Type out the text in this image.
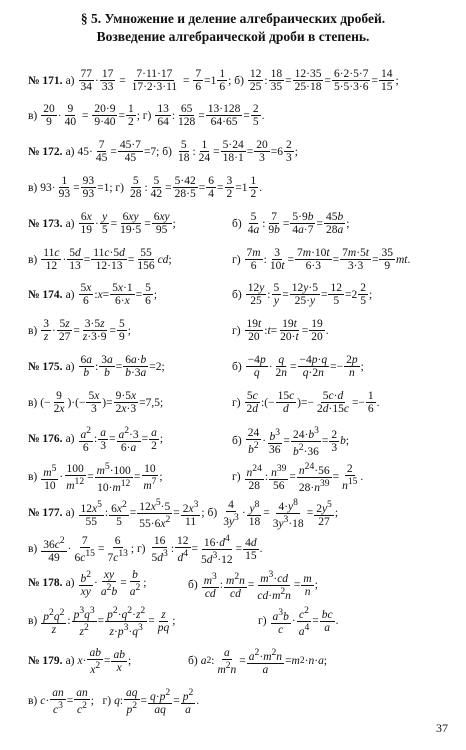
§ 5. Умножение и деление алгебраических дробей.
Возведение алгебраической дроби в степень.
№ 171. $а) \frac{77}{34} \cdot \frac{17}{33} = \frac{7\cdot 11\cdot 17}{17\cdot 2\cdot 3\cdot 11} = \frac{7}{6} =1 \frac{1}{6}$ ; $б) \frac{12}{25}$ : $\frac{18}{35} = \frac{12\cdot 35}{25\cdot 18} = \frac{6\cdot 2\cdot 5\cdot 7}{5\cdot 5\cdot 3\cdot 6} = \frac{14}{15}$ ;
$в) \frac{20}{9} \cdot \frac{9}{40} = \frac{20\cdot 9}{9\cdot 40} = \frac{1}{2}$ ; $г) \frac{13}{64}$ : $\frac{65}{128} = \frac{13\cdot 128}{64\cdot 65} = \frac{2}{5}$ .
№ 172. а) $45\cdot \frac{7}{45} = \frac{45\cdot 7}{45} =7$; $б) \frac{5}{18}$ : $\frac{1}{24} = \frac{5\cdot 24}{18\cdot 1} = \frac{20}{3} =6 \frac{2}{3}$ ;
в) $93\cdot \frac{1}{93} = \frac{93}{93} =1$; $г) \frac{5}{28}$ : $\frac{5}{42} = \frac{5\cdot 42}{28\cdot 5} = \frac{6}{4} = \frac{3}{2} =1 \frac{1}{2}$ .
№ 173. $а) \frac{6x}{19} \cdot \frac{y}{5} = \frac{6xy}{19\cdot 5} = \frac{6xy}{95}$ ;	$б) \frac{5}{4a}$ : $\frac{7}{9b} = \frac{5\cdot 9b}{4a\cdot 7} = \frac{45b}{28a}$ ;
$в) \frac{11c}{12} \cdot \frac{5d}{13} = \frac{11c\cdot 5d}{12\cdot 13} = \frac{55}{156}$ cd ;	$г) \frac{7m}{6}$ : $\frac{3}{10t} = \frac{7m\cdot 10t}{6\cdot 3} = \frac{7m\cdot 5t}{3\cdot 3} = \frac{35}{9}$ mt .
№ 174. $а) \frac{5x}{6}$ : $x = \frac{5x\cdot 1}{6\cdot x} = \frac{5}{6}$ ;	$б) \frac{12y}{25}$ : $\frac{5}{y} = \frac{12y\cdot 5}{25\cdot y} = \frac{12}{5} =2 \frac{2}{5}$ ;
$в) \frac{3}{z} \cdot \frac{5z}{27} = \frac{3\cdot 5z}{z\cdot 3\cdot 9} = \frac{5}{9}$ ;	$г) \frac{19t}{20}$ : $t = \frac{19t}{20\cdot t} = \frac{19}{20}$ .
№ 175. $а) \frac{6a}{b}$ : $\frac{3a}{b} = \frac{6a\cdot b}{b\cdot 3a} =2$;	$б) \frac{-4p}{q} \cdot \frac{q}{2n} = \frac{-4p\cdot q}{q\cdot 2n} =- \frac{2p}{n}$ ;
в) (− $\frac{9}{2x}$ )·(− $\frac{5x}{3}$ )= $\frac{9\cdot 5x}{2x\cdot 3} =7,5$;	$г) \frac{5c}{2d}$ :(− $\frac{15c}{d}$ )=− $\frac{5c\cdot d}{2d\cdot 15c} =- \frac{1}{6}$ .
№ 176. $а) \frac{a^2}{6}$ : $\frac{a}{3} = \frac{a^2\cdot 3}{6\cdot a} = \frac{a}{2}$ ;	$б) \frac{24}{b^2} \cdot \frac{b^3}{36} = \frac{24\cdot b^3}{b^2\cdot 36} = \frac{2}{3}$ b ;
$в) \frac{m^5}{10} \cdot \frac{100}{m^{12}} = \frac{m^5\cdot 100}{10\cdot m^{12}} = \frac{10}{m^7}$ ;	$г) \frac{n^{24}}{28}$ : $\frac{n^{39}}{56} = \frac{n^{24}\cdot 56}{28\cdot n^{39}} = \frac{2}{n^{15}}$ .
№ 177. $а) \frac{12x^5}{55}$ : $\frac{6x^2}{5} = \frac{12x^5\cdot 5}{55\cdot 6x^2} = \frac{2x^3}{11}$ ; $б) \frac{4}{3y^3} \cdot \frac{y^8}{18} = \frac{4\cdot y^8}{3y^3\cdot 18} = \frac{2y^5}{27}$ ;
$в) \frac{36c^2}{49} \cdot \frac{7}{6c^{15}} = \frac{6}{7c^{13}}$ ; $г) \frac{16}{5d^3}$ : $\frac{12}{d^4} = \frac{16\cdot d^4}{5d^3\cdot 12} = \frac{4d}{15}$ .
№ 178. $а) \frac{b^2}{xy} \cdot \frac{xy}{a^2b} = \frac{b}{a^2}$ ;	$б) \frac{m^3}{cd}$ : $\frac{m^2n}{cd} = \frac{m^3\cdot cd}{cd\cdot m^2n} = \frac{m}{n}$ ;
$в) \frac{p^2q^2}{z}$ : $\frac{p^3q^3}{z^2} = \frac{p^2\cdot q^2\cdot z^2}{z\cdot p^3\cdot q^3} = \frac{z}{pq}$ ;	$г) \frac{a^3b}{c} \cdot \frac{c^2}{a^4} = \frac{bc}{a}$ .
№ 179. а) $x \cdot \frac{ab}{x^2} = \frac{ab}{x}$ ;	б) a 2 : $\frac{a}{m^2n} = \frac{a^2\cdot m^2n}{a} = m$ 2 · n · a ;
в) $c \cdot \frac{an}{c^3} = \frac{an}{c^2}$ ; г) q : $\frac{aq}{p^2} = \frac{q\cdot p^2}{aq} = \frac{p^2}{a}$ .
37
